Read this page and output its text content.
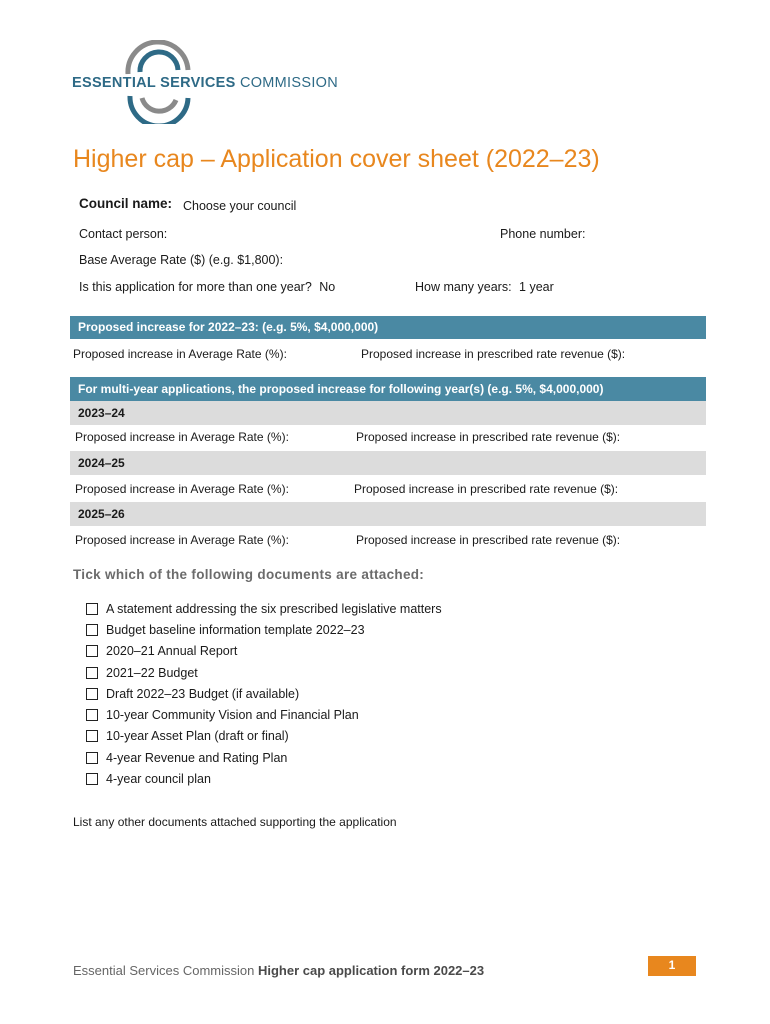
ESSENTIAL SERVICES COMMISSION
Higher cap – Application cover sheet (2022–23)
Council name: Choose your council
Contact person:	Phone number:
Base Average Rate ($) (e.g. $1,800):
Is this application for more than one year? No	How many years: 1 year
Proposed increase for 2022–23: (e.g. 5%, $4,000,000)
Proposed increase in Average Rate (%):	Proposed increase in prescribed rate revenue ($):
For multi-year applications, the proposed increase for following year(s) (e.g. 5%, $4,000,000)
2023–24
Proposed increase in Average Rate (%):	Proposed increase in prescribed rate revenue ($):
2024–25
Proposed increase in Average Rate (%):	Proposed increase in prescribed rate revenue ($):
2025–26
Proposed increase in Average Rate (%):	Proposed increase in prescribed rate revenue ($):
Tick which of the following documents are attached:
A statement addressing the six prescribed legislative matters
Budget baseline information template 2022–23
2020–21 Annual Report
2021–22 Budget
Draft 2022–23 Budget (if available)
10-year Community Vision and Financial Plan
10-year Asset Plan (draft or final)
4-year Revenue and Rating Plan
4-year council plan
List any other documents attached supporting the application
Essential Services Commission Higher cap application form 2022–23	1
